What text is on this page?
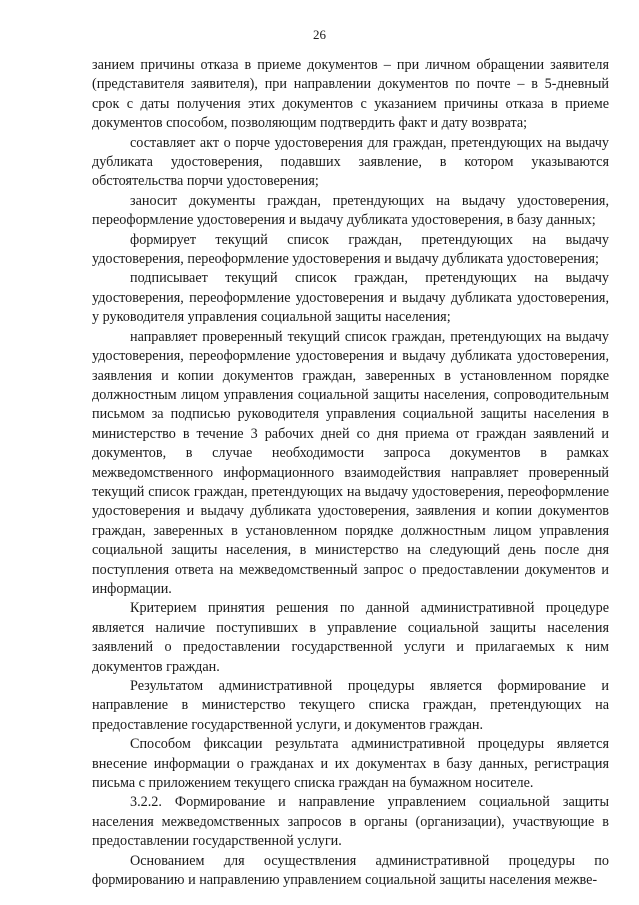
26

занием причины отказа в приеме документов – при личном обращении заявителя (представителя заявителя), при направлении документов по почте – в 5-дневный срок с даты получения этих документов с указанием причины отказа в приеме документов способом, позволяющим подтвердить факт и дату возврата;

составляет акт о порче удостоверения для граждан, претендующих на выдачу дубликата удостоверения, подавших заявление, в котором указываются обстоятельства порчи удостоверения;

заносит документы граждан, претендующих на выдачу удостоверения, переоформление удостоверения и выдачу дубликата удостоверения, в базу данных;

формирует текущий список граждан, претендующих на выдачу удостоверения, переоформление удостоверения и выдачу дубликата удостоверения;

подписывает текущий список граждан, претендующих на выдачу удостоверения, переоформление удостоверения и выдачу дубликата удостоверения, у руководителя управления социальной защиты населения;

направляет проверенный текущий список граждан, претендующих на выдачу удостоверения, переоформление удостоверения и выдачу дубликата удостоверения, заявления и копии документов граждан, заверенных в установленном порядке должностным лицом управления социальной защиты населения, сопроводительным письмом за подписью руководителя управления социальной защиты населения в министерство в течение 3 рабочих дней со дня приема от граждан заявлений и документов, в случае необходимости запроса документов в рамках межведомственного информационного взаимодействия направляет проверенный текущий список граждан, претендующих на выдачу удостоверения, переоформление удостоверения и выдачу дубликата удостоверения, заявления и копии документов граждан, заверенных в установленном порядке должностным лицом управления социальной защиты населения, в министерство на следующий день после дня поступления ответа на межведомственный запрос о предоставлении документов и информации.

Критерием принятия решения по данной административной процедуре является наличие поступивших в управление социальной защиты населения заявлений о предоставлении государственной услуги и прилагаемых к ним документов граждан.

Результатом административной процедуры является формирование и направление в министерство текущего списка граждан, претендующих на предоставление государственной услуги, и документов граждан.

Способом фиксации результата административной процедуры является внесение информации о гражданах и их документах в базу данных, регистрация письма с приложением текущего списка граждан на бумажном носителе.

3.2.2. Формирование и направление управлением социальной защиты населения межведомственных запросов в органы (организации), участвующие в предоставлении государственной услуги.

Основанием для осуществления административной процедуры по формированию и направлению управлением социальной защиты населения межве-
